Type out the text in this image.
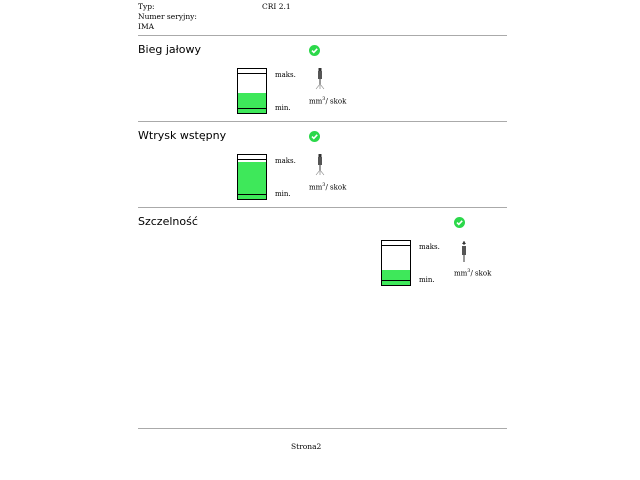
Typ:	CRI 2.1
Numer seryjny:
IMA
Bieg jałowy
maks.
min.
$mm^3/$ skok
Wtrysk wstępny
maks.
min.
$mm^3/$ skok
Szczelność
maks.
min.
$mm^3/$ skok
Strona2
